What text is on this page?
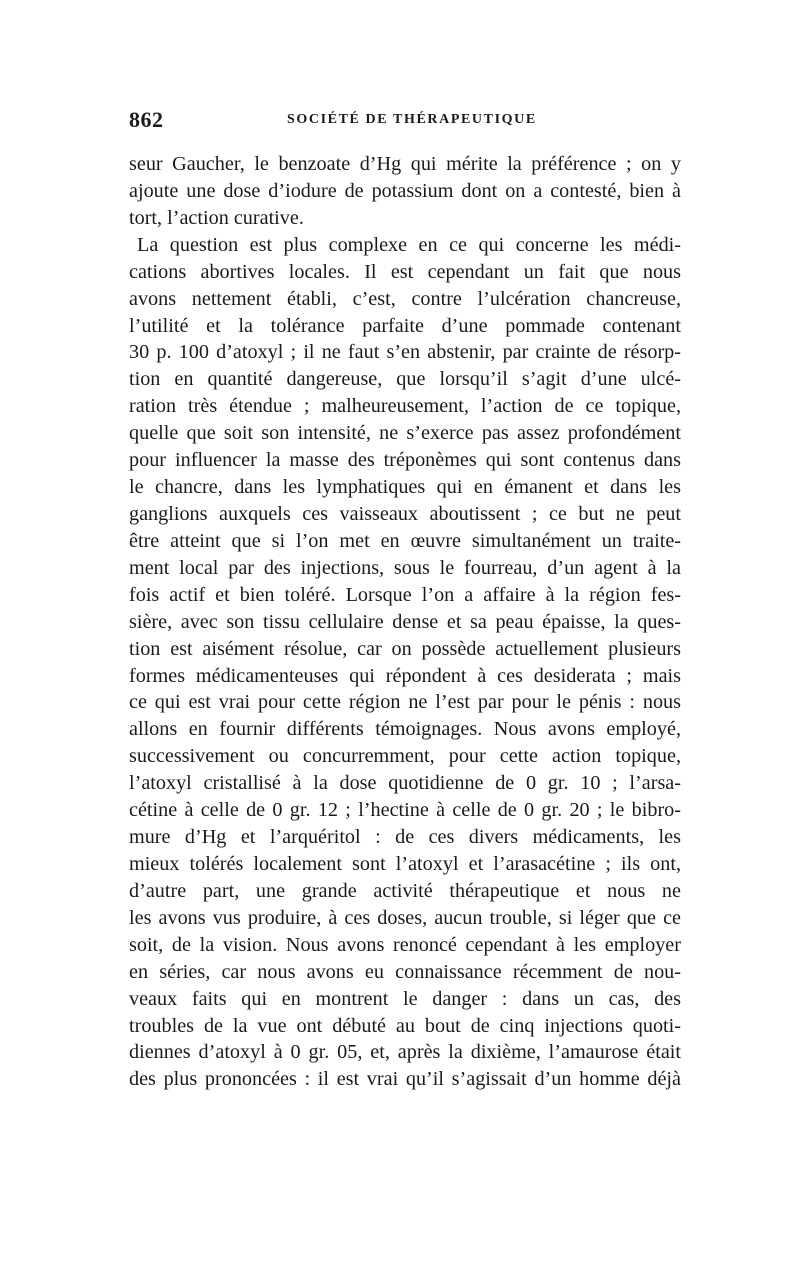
862	SOCIÉTÉ DE THÉRAPEUTIQUE
seur Gaucher, le benzoate d’Hg qui mérite la préférence ; on y
ajoute une dose d’iodure de potassium dont on a contesté, bien à
tort, l’action curative.
La question est plus complexe en ce qui concerne les médi-
cations abortives locales. Il est cependant un fait que nous
avons nettement établi, c’est, contre l’ulcération chancreuse,
l’utilité et la tolérance parfaite d’une pommade contenant
30 p. 100 d’atoxyl ; il ne faut s’en abstenir, par crainte de résorp-
tion en quantité dangereuse, que lorsqu’il s’agit d’une ulcé-
ration très étendue ; malheureusement, l’action de ce topique,
quelle que soit son intensité, ne s’exerce pas assez profondément
pour influencer la masse des tréponèmes qui sont contenus dans
le chancre, dans les lymphatiques qui en émanent et dans les
ganglions auxquels ces vaisseaux aboutissent ; ce but ne peut
être atteint que si l’on met en œuvre simultanément un traite-
ment local par des injections, sous le fourreau, d’un agent à la
fois actif et bien toléré. Lorsque l’on a affaire à la région fes-
sière, avec son tissu cellulaire dense et sa peau épaisse, la ques-
tion est aisément résolue, car on possède actuellement plusieurs
formes médicamenteuses qui répondent à ces desiderata ; mais
ce qui est vrai pour cette région ne l’est par pour le pénis : nous
allons en fournir différents témoignages. Nous avons employé,
successivement ou concurremment, pour cette action topique,
l’atoxyl cristallisé à la dose quotidienne de 0 gr. 10 ; l’arsa-
cétine à celle de 0 gr. 12 ; l’hectine à celle de 0 gr. 20 ; le bibro-
mure d’Hg et l’arquéritol : de ces divers médicaments, les
mieux tolérés localement sont l’atoxyl et l’arasacétine ; ils ont,
d’autre part, une grande activité thérapeutique et nous ne
les avons vus produire, à ces doses, aucun trouble, si léger que ce
soit, de la vision. Nous avons renoncé cependant à les employer
en séries, car nous avons eu connaissance récemment de nou-
veaux faits qui en montrent le danger : dans un cas, des
troubles de la vue ont débuté au bout de cinq injections quoti-
diennes d’atoxyl à 0 gr. 05, et, après la dixième, l’amaurose était
des plus prononcées : il est vrai qu’il s’agissait d’un homme déjà
